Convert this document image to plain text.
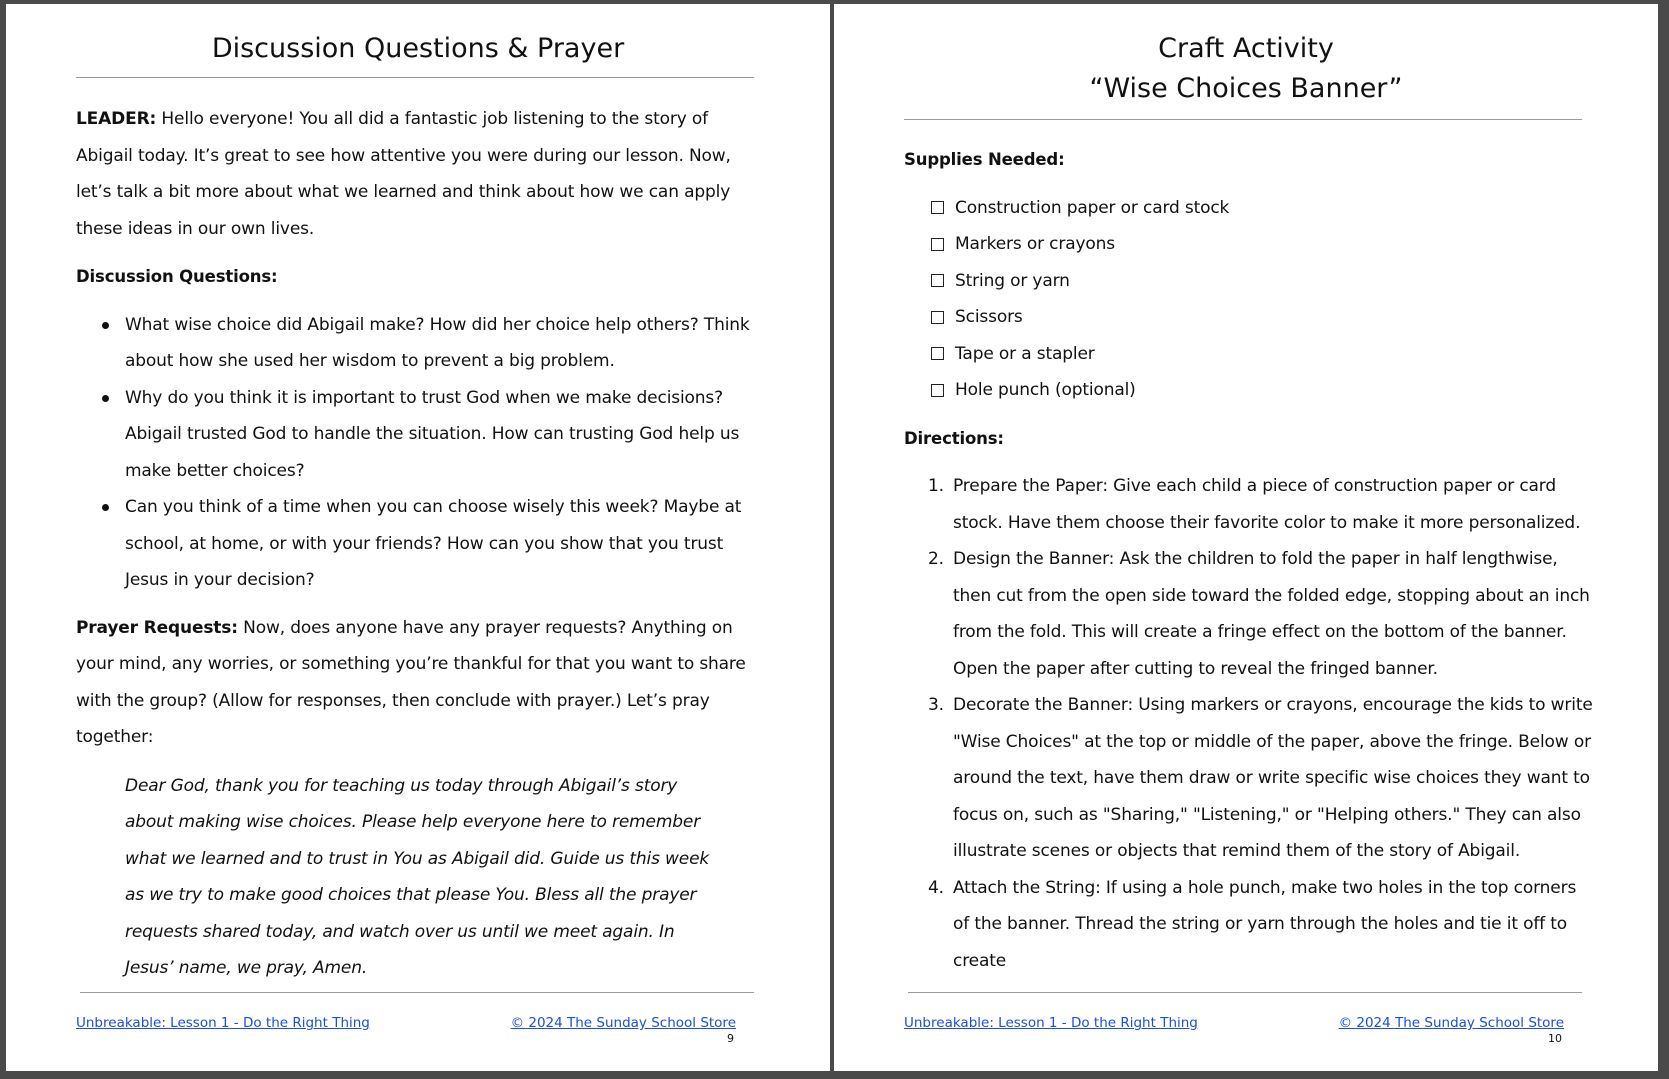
Discussion Questions & Prayer

LEADER: Hello everyone! You all did a fantastic job listening to the story of Abigail today. It’s great to see how attentive you were during our lesson. Now, let’s talk a bit more about what we learned and think about how we can apply these ideas in our own lives.

Discussion Questions:

What wise choice did Abigail make? How did her choice help others? Think about how she used her wisdom to prevent a big problem.
Why do you think it is important to trust God when we make decisions? Abigail trusted God to handle the situation. How can trusting God help us make better choices?
Can you think of a time when you can choose wisely this week? Maybe at school, at home, or with your friends? How can you show that you trust Jesus in your decision?

Prayer Requests: Now, does anyone have any prayer requests? Anything on your mind, any worries, or something you’re thankful for that you want to share with the group? (Allow for responses, then conclude with prayer.) Let’s pray together:

Dear God, thank you for teaching us today through Abigail’s story about making wise choices. Please help everyone here to remember what we learned and to trust in You as Abigail did. Guide us this week as we try to make good choices that please You. Bless all the prayer requests shared today, and watch over us until we meet again. In Jesus’ name, we pray, Amen.

Unbreakable: Lesson 1 - Do the Right Thing	© 2024 The Sunday School Store
9
Craft Activity
“Wise Choices Banner”

Supplies Needed:

Construction paper or card stock
Markers or crayons
String or yarn
Scissors
Tape or a stapler
Hole punch (optional)

Directions:

1. Prepare the Paper: Give each child a piece of construction paper or card stock. Have them choose their favorite color to make it more personalized.
2. Design the Banner: Ask the children to fold the paper in half lengthwise, then cut from the open side toward the folded edge, stopping about an inch from the fold. This will create a fringe effect on the bottom of the banner. Open the paper after cutting to reveal the fringed banner.
3. Decorate the Banner: Using markers or crayons, encourage the kids to write "Wise Choices" at the top or middle of the paper, above the fringe. Below or around the text, have them draw or write specific wise choices they want to focus on, such as "Sharing," "Listening," or "Helping others." They can also illustrate scenes or objects that remind them of the story of Abigail.
4. Attach the String: If using a hole punch, make two holes in the top corners of the banner. Thread the string or yarn through the holes and tie it off to create
Unbreakable: Lesson 1 - Do the Right Thing	© 2024 The Sunday School Store
10
